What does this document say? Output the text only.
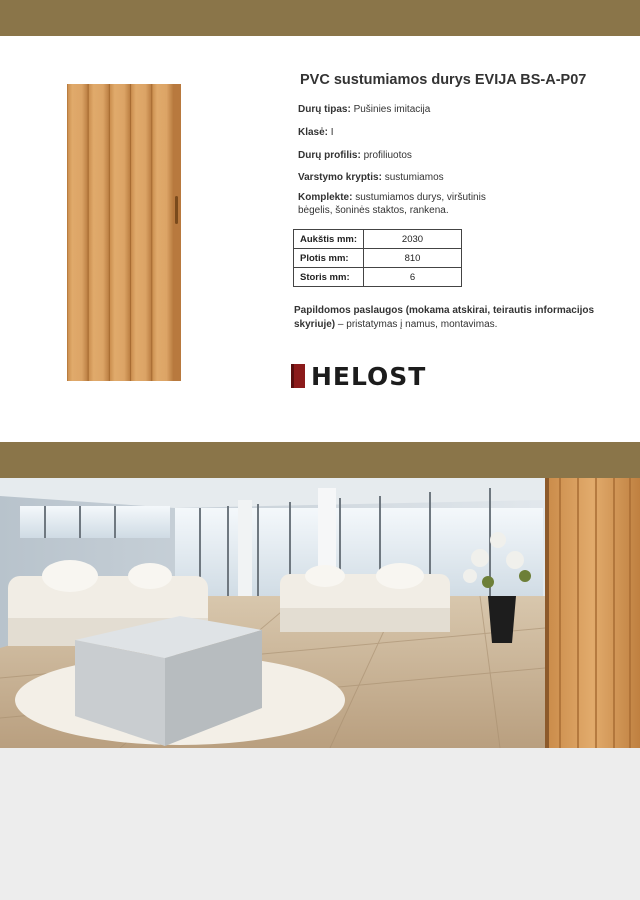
PVC sustumiamos durys EVIJA BS-A-P07
Durų tipas: Pušinies imitacija
Klasė: I
Durų profilis: profiliuotos
Varstymo kryptis: sustumiamos
Komplekte: sustumiamos durys, viršutinis bėgelis, šoninės staktos, rankena.
Aukštis mm:	2030
Plotis mm:	810
Storis mm:	6
Papildomos paslaugos (mokama atskirai, teirautis informacijos skyriuje) – pristatymas į namus, montavimas.
HELOST
